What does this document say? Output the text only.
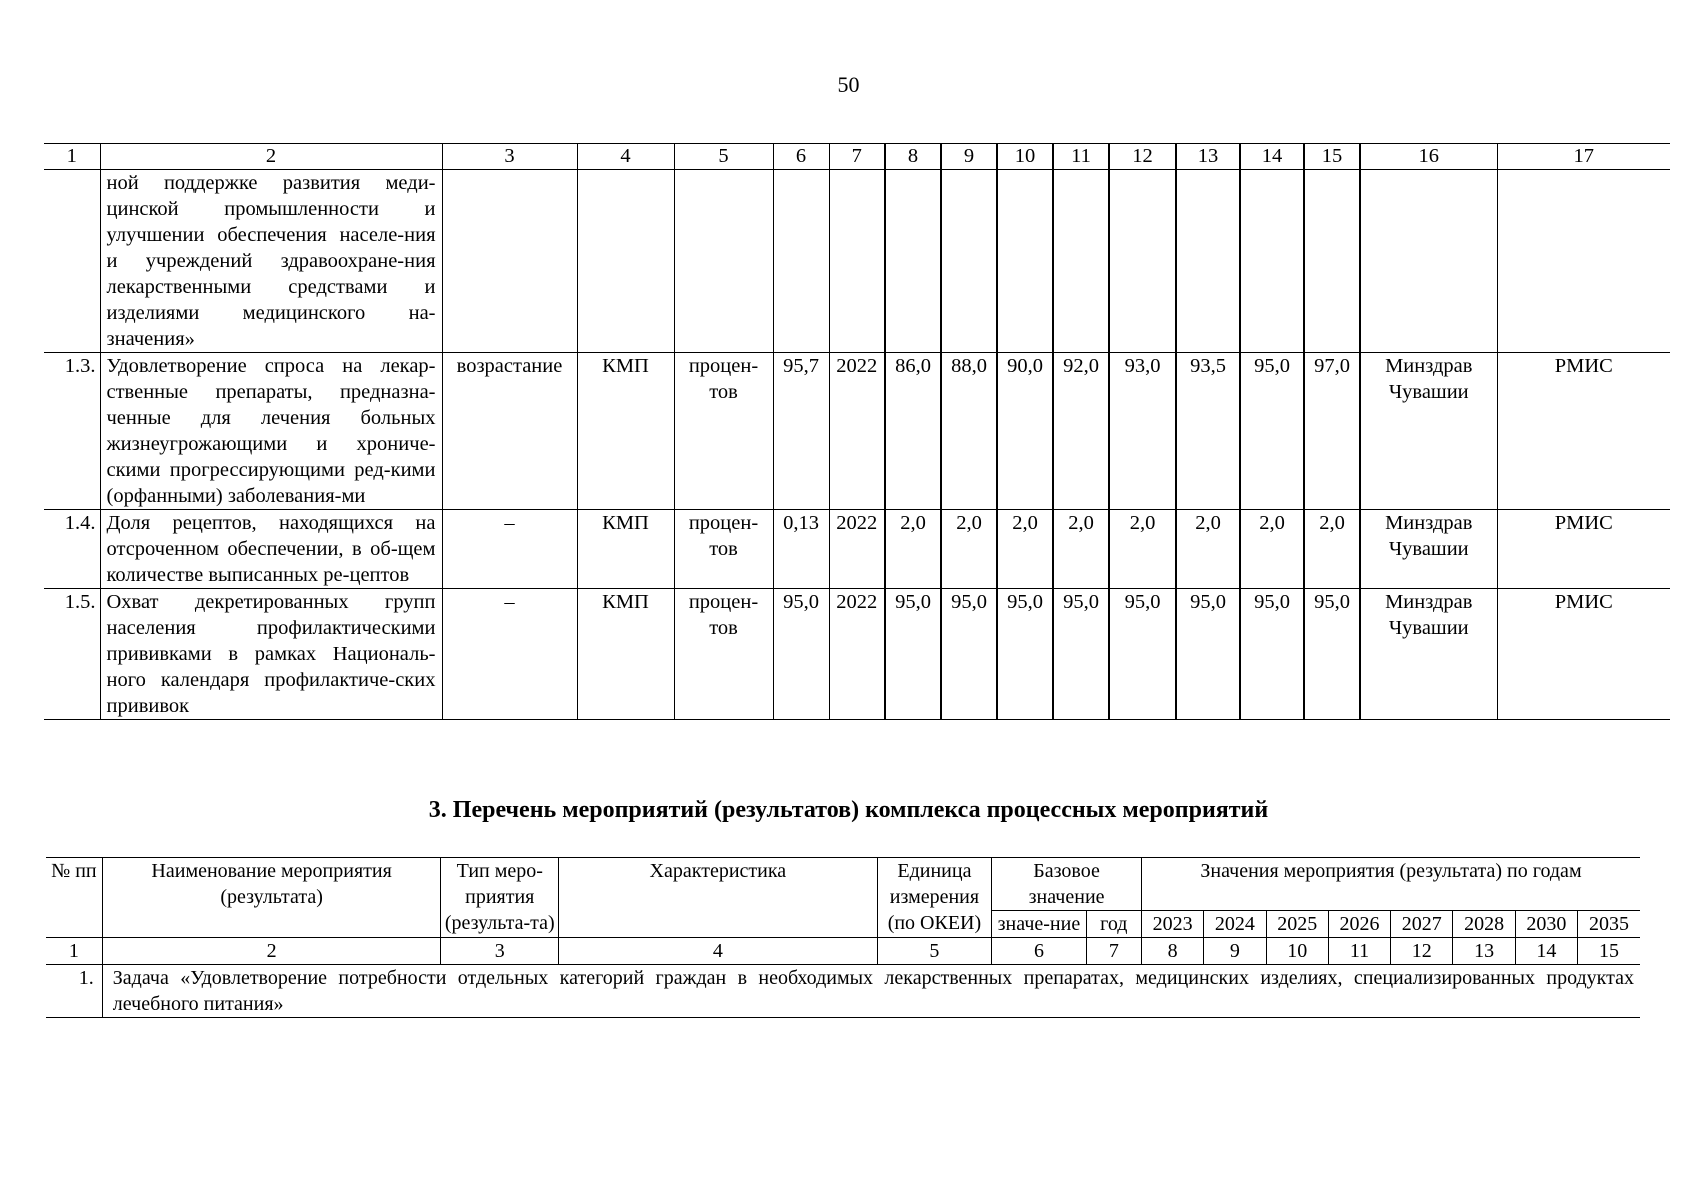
50
1	2	3	4	5	6	7	8	9	10	11	12	13	14	15	16	17
	ной поддержке развития меди-цинской промышленности и улучшении обеспечения населе-ния и учреждений здравоохране-ния лекарственными средствами и изделиями медицинского на-значения»															
1.3.	Удовлетворение спроса на лекар-ственные препараты, предназна-ченные для лечения больных жизнеугрожающими и хрониче-скими прогрессирующими ред-кими (орфанными) заболевания-ми	возрастание	КМП	процен-тов	95,7	2022	86,0	88,0	90,0	92,0	93,0	93,5	95,0	97,0	Минздрав Чувашии	РМИС
1.4.	Доля рецептов, находящихся на отсроченном обеспечении, в об-щем количестве выписанных ре-цептов	–	КМП	процен-тов	0,13	2022	2,0	2,0	2,0	2,0	2,0	2,0	2,0	2,0	Минздрав Чувашии	РМИС
1.5.	Охват декретированных групп населения профилактическими прививками в рамках Националь-ного календаря профилактиче-ских прививок	–	КМП	процен-тов	95,0	2022	95,0	95,0	95,0	95,0	95,0	95,0	95,0	95,0	Минздрав Чувашии	РМИС
3. Перечень мероприятий (результатов) комплекса процессных мероприятий
№ пп	Наименование мероприятия (результата)	Тип меро-приятия (результа-та)	Характеристика	Единица измерения (по ОКЕИ)	Базовое значение		Значения мероприятия (результата) по годам							
					значе-ние	год	2023	2024	2025	2026	2027	2028	2030	2035
1	2	3	4	5	6	7	8	9	10	11	12	13	14	15
1.	Задача «Удовлетворение потребности отдельных категорий граждан в необходимых лекарственных препаратах, медицинских изделиях, специализированных продуктах лечебного питания»													
